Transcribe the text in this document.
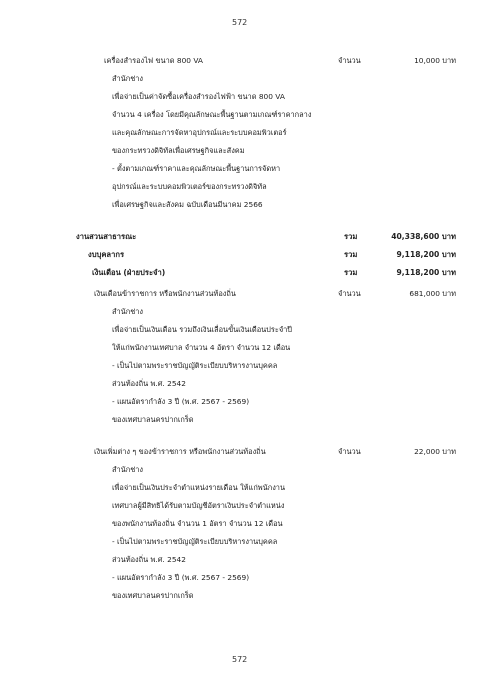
572
572
เครื่องสำรองไฟ ขนาด 800 VA	จำนวน	10,000 บาท
สำนักช่าง
เพื่อจ่ายเป็นค่าจัดซื้อเครื่องสำรองไฟฟ้า ขนาด 800 VA
จำนวน 4 เครื่อง โดยมีคุณลักษณะพื้นฐานตามเกณฑ์ราคากลาง
และคุณลักษณะการจัดหาอุปกรณ์และระบบคอมพิวเตอร์
ของกระทรวงดิจิทัลเพื่อเศรษฐกิจและสังคม
- ตั้งตามเกณฑ์ราคาและคุณลักษณะพื้นฐานการจัดหา
อุปกรณ์และระบบคอมพิวเตอร์ของกระทรวงดิจิทัล
เพื่อเศรษฐกิจและสังคม ฉบับเดือนมีนาคม 2566
งานสวนสาธารณะ	รวม	40,338,600 บาท
งบบุคลากร	รวม	9,118,200 บาท
เงินเดือน (ฝ่ายประจำ)	รวม	9,118,200 บาท
เงินเดือนข้าราชการ หรือพนักงานส่วนท้องถิ่น	จำนวน	681,000 บาท
สำนักช่าง
เพื่อจ่ายเป็นเงินเดือน รวมถึงเงินเลื่อนขั้นเงินเดือนประจำปี
ให้แก่พนักงานเทศบาล จำนวน 4 อัตรา จำนวน 12 เดือน
- เป็นไปตามพระราชบัญญัติระเบียบบริหารงานบุคคล
ส่วนท้องถิ่น พ.ศ. 2542
- แผนอัตรากำลัง 3 ปี (พ.ศ. 2567 - 2569)
ของเทศบาลนครปากเกร็ด
เงินเพิ่มต่าง ๆ ของข้าราชการ หรือพนักงานส่วนท้องถิ่น	จำนวน	22,000 บาท
สำนักช่าง
เพื่อจ่ายเป็นเงินประจำตำแหน่งรายเดือน ให้แก่พนักงาน
เทศบาลผู้มีสิทธิได้รับตามบัญชีอัตราเงินประจำตำแหน่ง
ของพนักงานท้องถิ่น จำนวน 1 อัตรา จำนวน 12 เดือน
- เป็นไปตามพระราชบัญญัติระเบียบบริหารงานบุคคล
ส่วนท้องถิ่น พ.ศ. 2542
- แผนอัตรากำลัง 3 ปี (พ.ศ. 2567 - 2569)
ของเทศบาลนครปากเกร็ด
